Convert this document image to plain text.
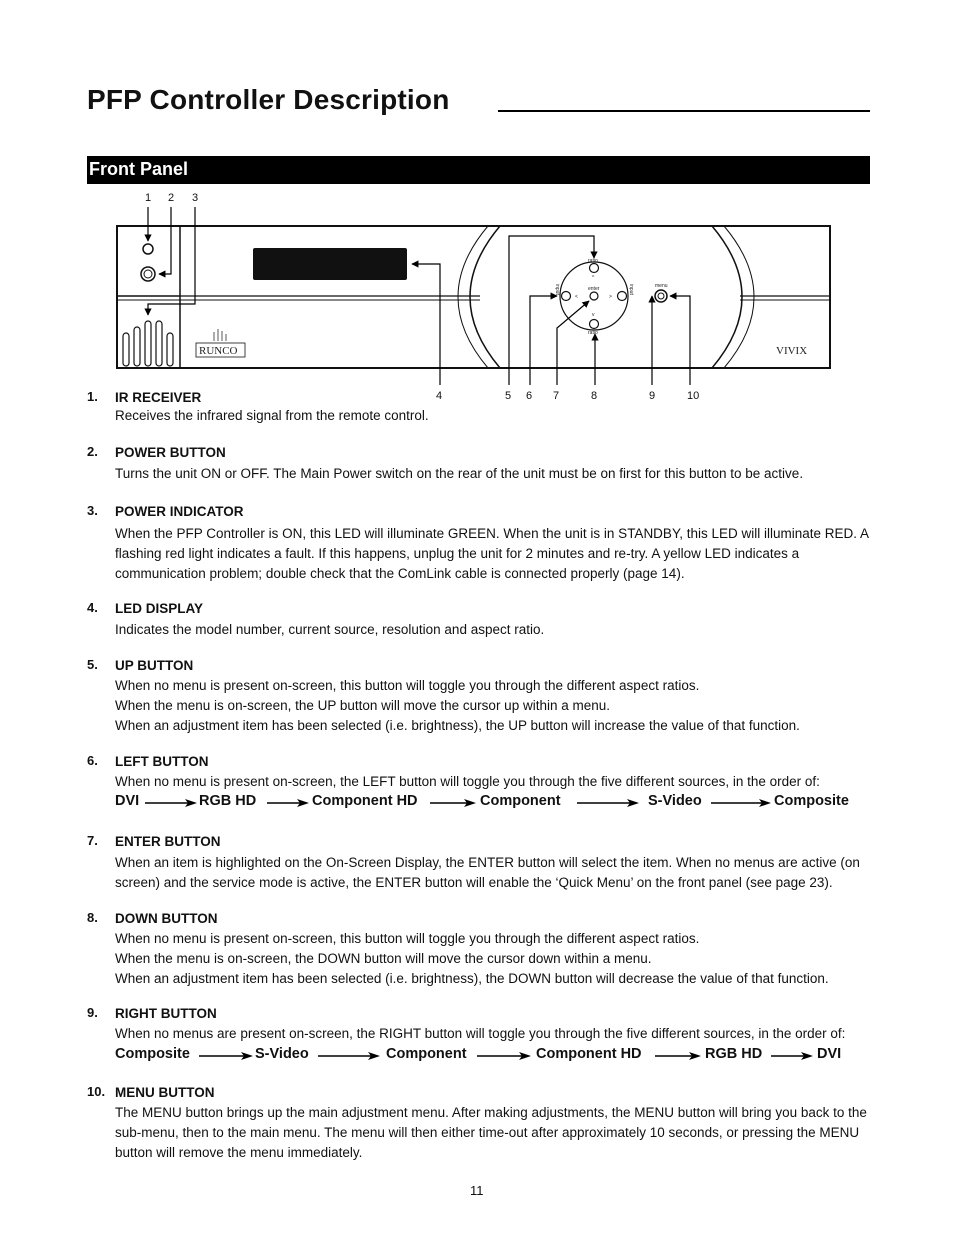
PFP Controller Description
Front Panel
RUNCO	VIVIX
ratio
ratio
enter
input	input
^
v
<	>
menu
1 2 3
4	5 6 7	8	9	10
1. IR RECEIVER

Receives the infrared signal from the remote control.

2. POWER BUTTON

Turns the unit ON or OFF. The Main Power switch on the rear of the unit must be on first for this button to be active.

3. POWER INDICATOR

When the PFP Controller is ON, this LED will illuminate GREEN. When the unit is in STANDBY, this LED will illuminate RED. A flashing red light indicates a fault. If this happens, unplug the unit for 2 minutes and re-try. A yellow LED indicates a communication problem; double check that the ComLink cable is connected properly (page 14).

4. LED DISPLAY

Indicates the model number, current source, resolution and aspect ratio.

5. UP BUTTON

When no menu is present on-screen, this button will toggle you through the different aspect ratios.

When the menu is on-screen, the UP button will move the cursor up within a menu.

When an adjustment item has been selected (i.e. brightness), the UP button will increase the value of that function.

6. LEFT BUTTON

When no menu is present on-screen, the LEFT button will toggle you through the five different sources, in the order of:

DVI	RGB HD	Component HD	Component	S-Video	Composite
7. ENTER BUTTON

When an item is highlighted on the On-Screen Display, the ENTER button will select the item. When no menus are active (on screen) and the service mode is active, the ENTER button will enable the ‘Quick Menu’ on the front panel (see page 23).

8. DOWN BUTTON

When no menu is present on-screen, this button will toggle you through the different aspect ratios.

When the menu is on-screen, the DOWN button will move the cursor down within a menu.

When an adjustment item has been selected (i.e. brightness), the DOWN button will decrease the value of that function.

9. RIGHT BUTTON

When no menus are present on-screen, the RIGHT button will toggle you through the five different sources, in the order of:

Composite	S-Video	Component	Component HD	RGB HD	DVI
10. MENU BUTTON

The MENU button brings up the main adjustment menu. After making adjustments, the MENU button will bring you back to the sub-menu, then to the main menu. The menu will then either time-out after approximately 10 seconds, or pressing the MENU button will remove the menu immediately.

11
